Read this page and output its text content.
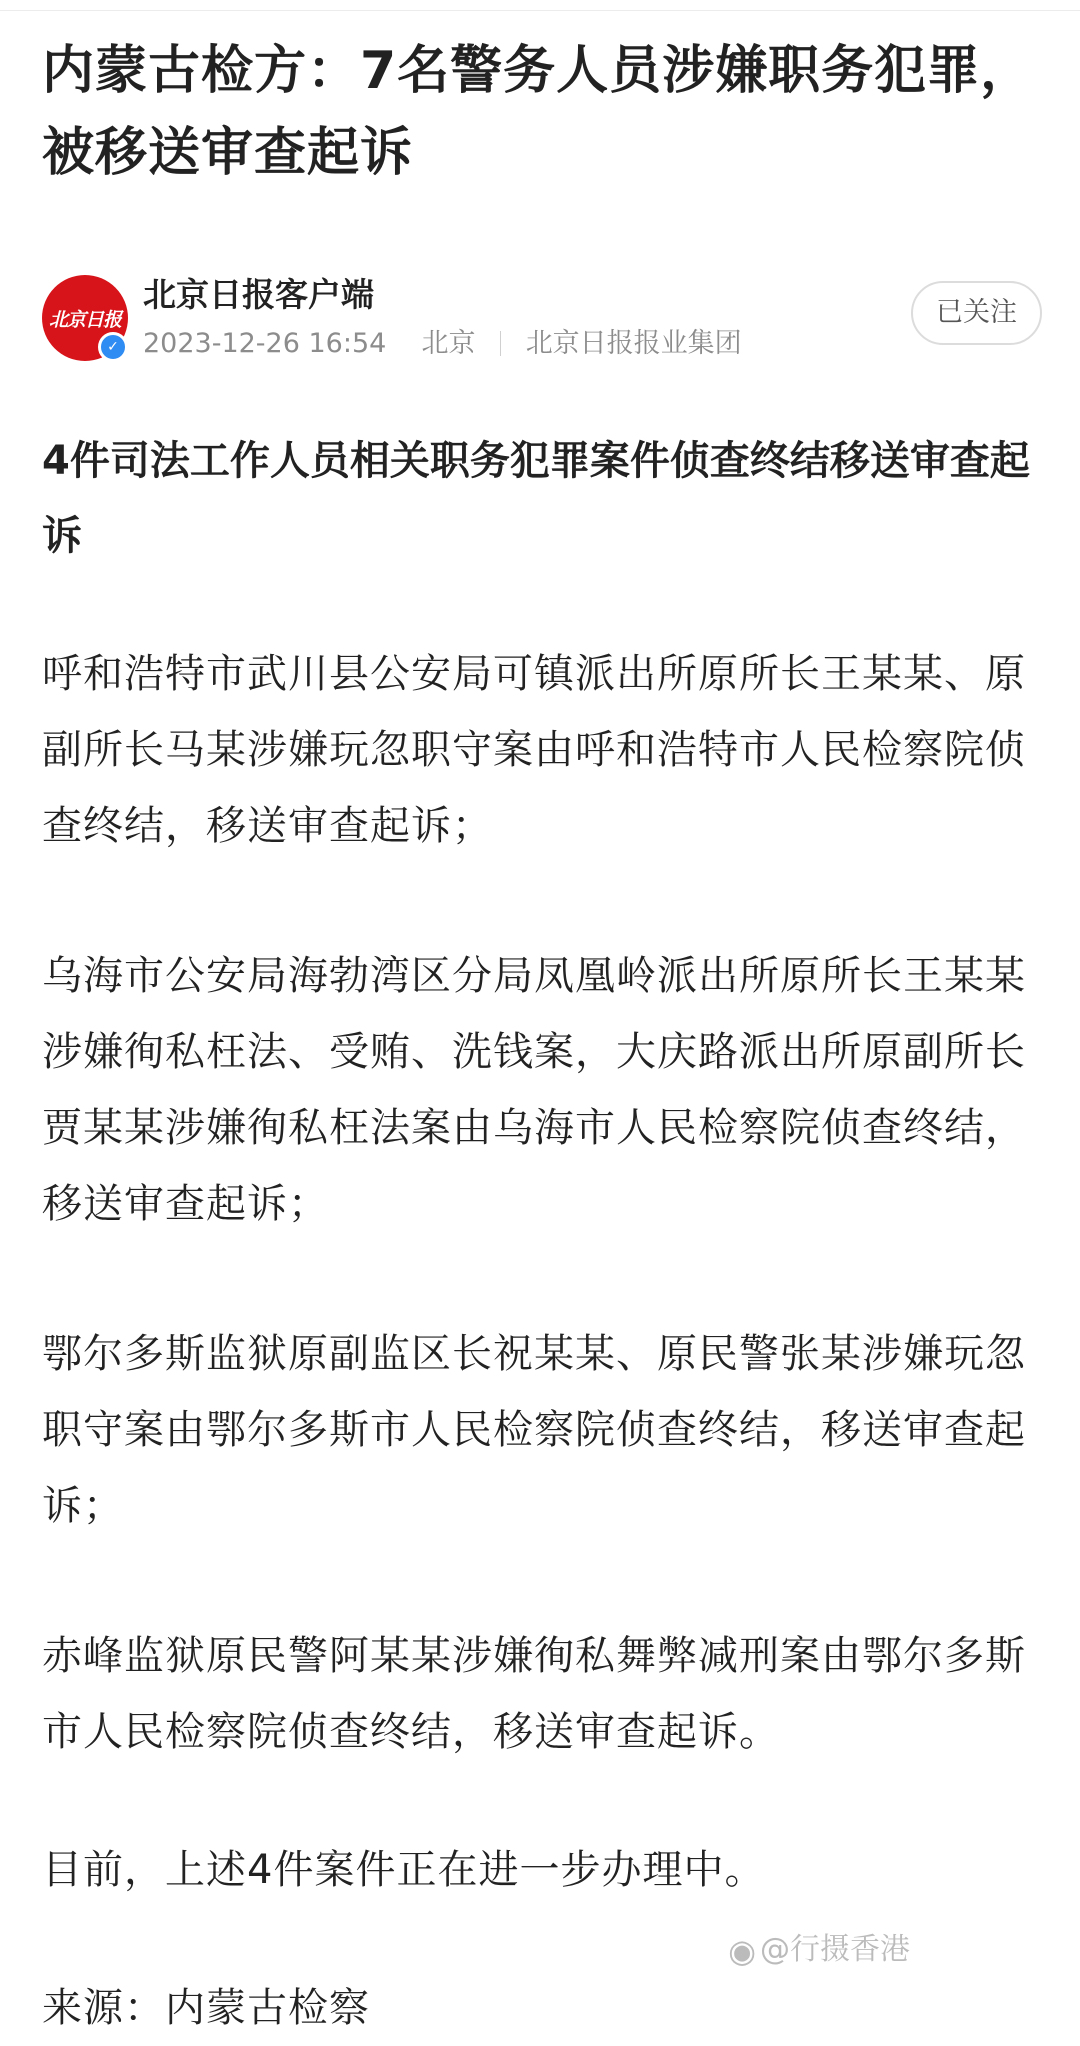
内蒙古检方：7名警务人员涉嫌职务犯罪，被移送审查起诉
北京日报
✓
北京日报客户端
2023-12-26 16:54 北京 北京日报报业集团
已关注
4件司法工作人员相关职务犯罪案件侦查终结移送审查起诉

呼和浩特市武川县公安局可镇派出所原所长王某某、原副所长马某涉嫌玩忽职守案由呼和浩特市人民检察院侦查终结，移送审查起诉；

乌海市公安局海勃湾区分局凤凰岭派出所原所长王某某涉嫌徇私枉法、受贿、洗钱案，大庆路派出所原副所长贾某某涉嫌徇私枉法案由乌海市人民检察院侦查终结，移送审查起诉；

鄂尔多斯监狱原副监区长祝某某、原民警张某涉嫌玩忽职守案由鄂尔多斯市人民检察院侦查终结，移送审查起诉；

赤峰监狱原民警阿某某涉嫌徇私舞弊减刑案由鄂尔多斯市人民检察院侦查终结，移送审查起诉。

目前，上述4件案件正在进一步办理中。

来源：内蒙古检察

◉ @行摄香港
